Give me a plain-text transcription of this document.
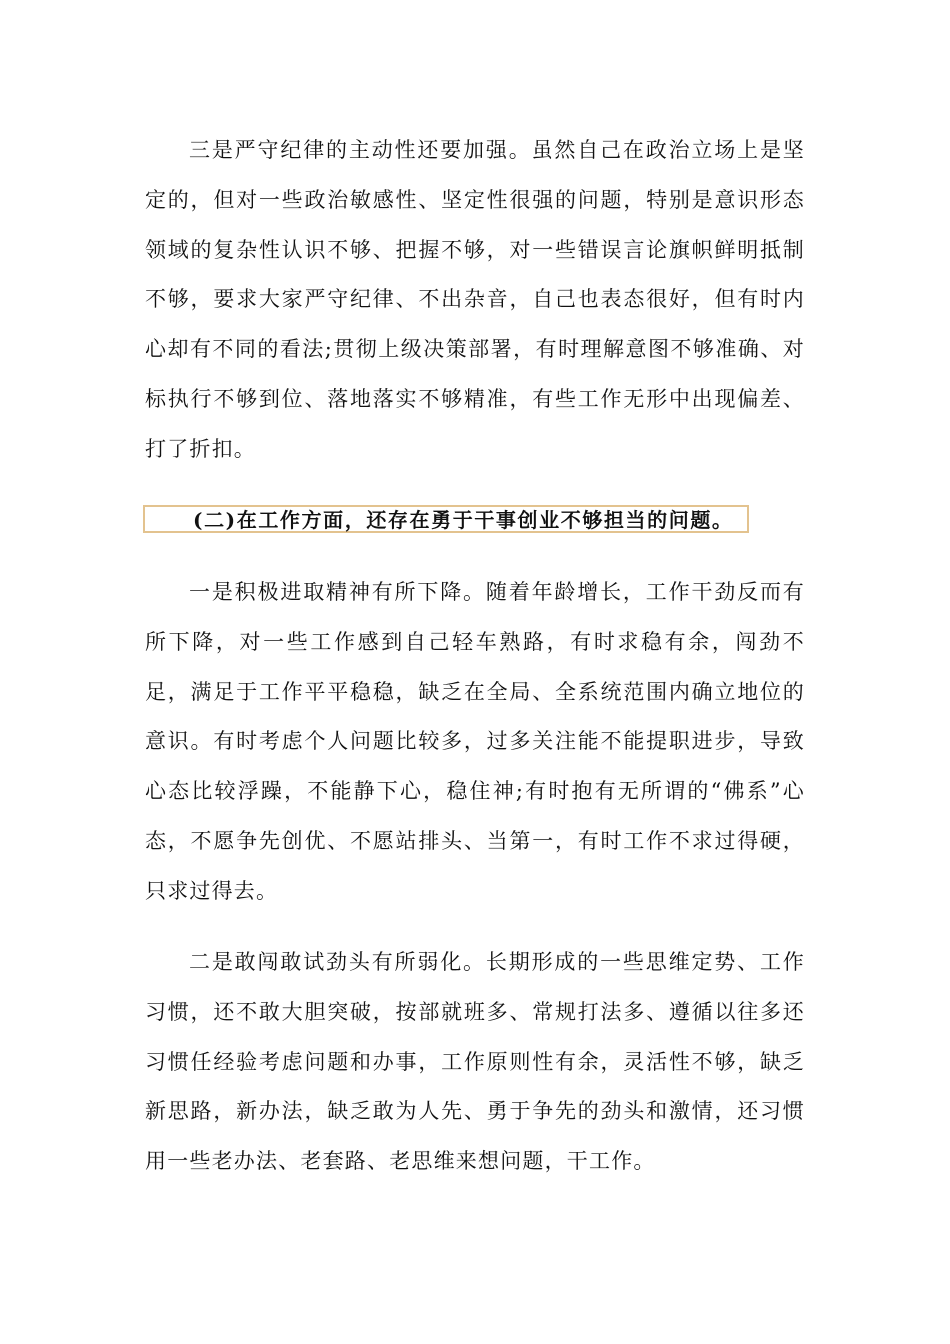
三是严守纪律的主动性还要加强。虽然自己在政治立场上是坚定的，但对一些政治敏感性、坚定性很强的问题，特别是意识形态领域的复杂性认识不够、把握不够，对一些错误言论旗帜鲜明抵制不够，要求大家严守纪律、不出杂音，自己也表态很好，但有时内心却有不同的看法;贯彻上级决策部署，有时理解意图不够准确、对标执行不够到位、落地落实不够精准，有些工作无形中出现偏差、打了折扣。

(二)在工作方面，还存在勇于干事创业不够担当的问题。

一是积极进取精神有所下降。随着年龄增长，工作干劲反而有所下降，对一些工作感到自己轻车熟路，有时求稳有余，闯劲不足，满足于工作平平稳稳，缺乏在全局、全系统范围内确立地位的意识。有时考虑个人问题比较多，过多关注能不能提职进步，导致心态比较浮躁，不能静下心，稳住神;有时抱有无所谓的“佛系”心态，不愿争先创优、不愿站排头、当第一，有时工作不求过得硬，只求过得去。

二是敢闯敢试劲头有所弱化。长期形成的一些思维定势、工作习惯，还不敢大胆突破，按部就班多、常规打法多、遵循以往多还习惯任经验考虑问题和办事，工作原则性有余，灵活性不够，缺乏新思路，新办法，缺乏敢为人先、勇于争先的劲头和激情，还习惯用一些老办法、老套路、老思维来想问题，干工作。
